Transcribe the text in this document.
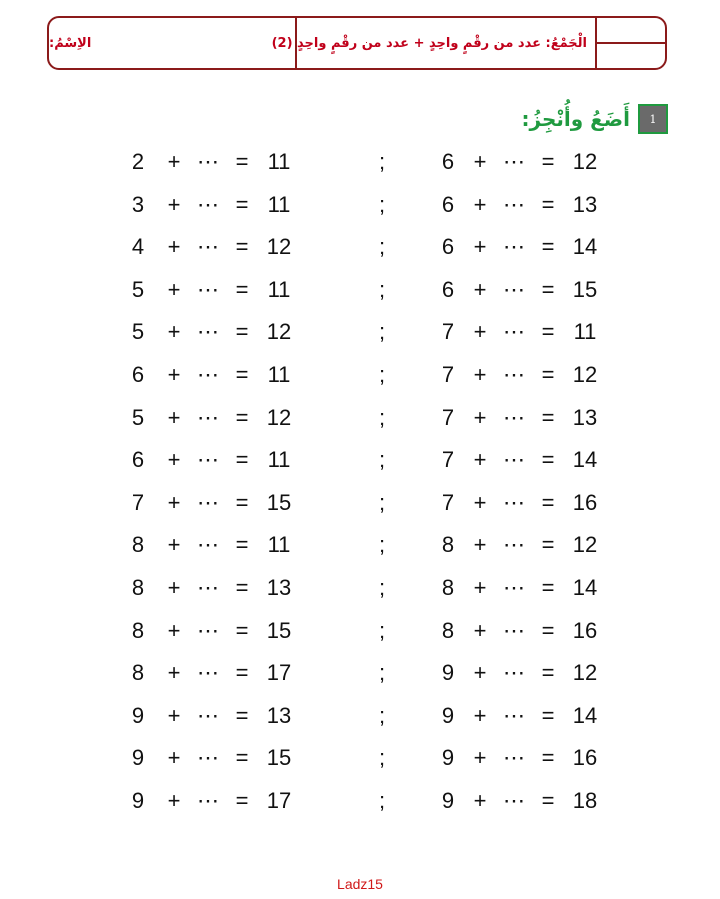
الاِسْمُ:	الْجَمْعُ: عدد من رقْمٍ واحِدٍ + عدد من رقْمٍ واحِدٍ (2)
1
أَضَعُ وأُنْجِزُ:
2 + ⋯ = 11	;	6 + ⋯ = 12
3 + ⋯ = 11	;	6 + ⋯ = 13
4 + ⋯ = 12	;	6 + ⋯ = 14
5 + ⋯ = 11	;	6 + ⋯ = 15
5 + ⋯ = 12	;	7 + ⋯ = 11
6 + ⋯ = 11	;	7 + ⋯ = 12
5 + ⋯ = 12	;	7 + ⋯ = 13
6 + ⋯ = 11	;	7 + ⋯ = 14
7 + ⋯ = 15	;	7 + ⋯ = 16
8 + ⋯ = 11	;	8 + ⋯ = 12
8 + ⋯ = 13	;	8 + ⋯ = 14
8 + ⋯ = 15	;	8 + ⋯ = 16
8 + ⋯ = 17	;	9 + ⋯ = 12
9 + ⋯ = 13	;	9 + ⋯ = 14
9 + ⋯ = 15	;	9 + ⋯ = 16
9 + ⋯ = 17	;	9 + ⋯ = 18
Ladz15
